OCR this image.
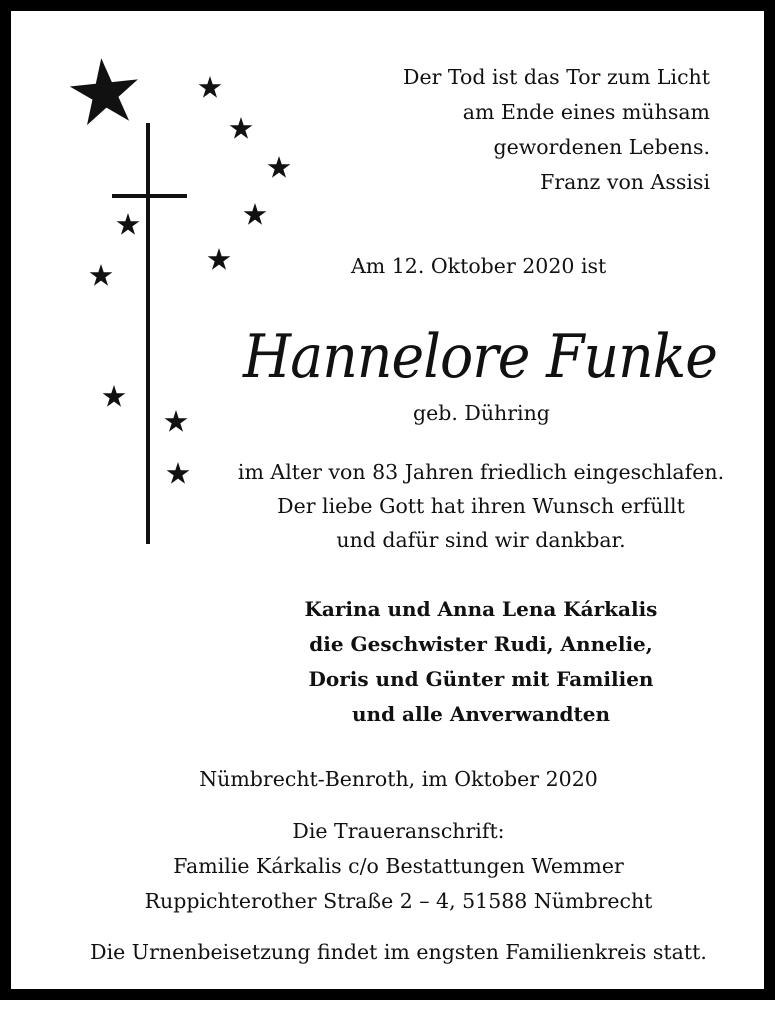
Der Tod ist das Tor zum Licht
am Ende eines mühsam
gewordenen Lebens.
Franz von Assisi

Am 12. Oktober 2020 ist

Hannelore Funke

geb. Dühring

im Alter von 83 Jahren friedlich eingeschlafen.
Der liebe Gott hat ihren Wunsch erfüllt
und dafür sind wir dankbar.

Karina und Anna Lena Kárkalis
die Geschwister Rudi, Annelie,
Doris und Günter mit Familien
und alle Anverwandten

Nümbrecht-Benroth, im Oktober 2020

Die Traueranschrift:
Familie Kárkalis c/o Bestattungen Wemmer
Ruppichterother Straße 2 – 4, 51588 Nümbrecht

Die Urnenbeisetzung findet im engsten Familienkreis statt.
